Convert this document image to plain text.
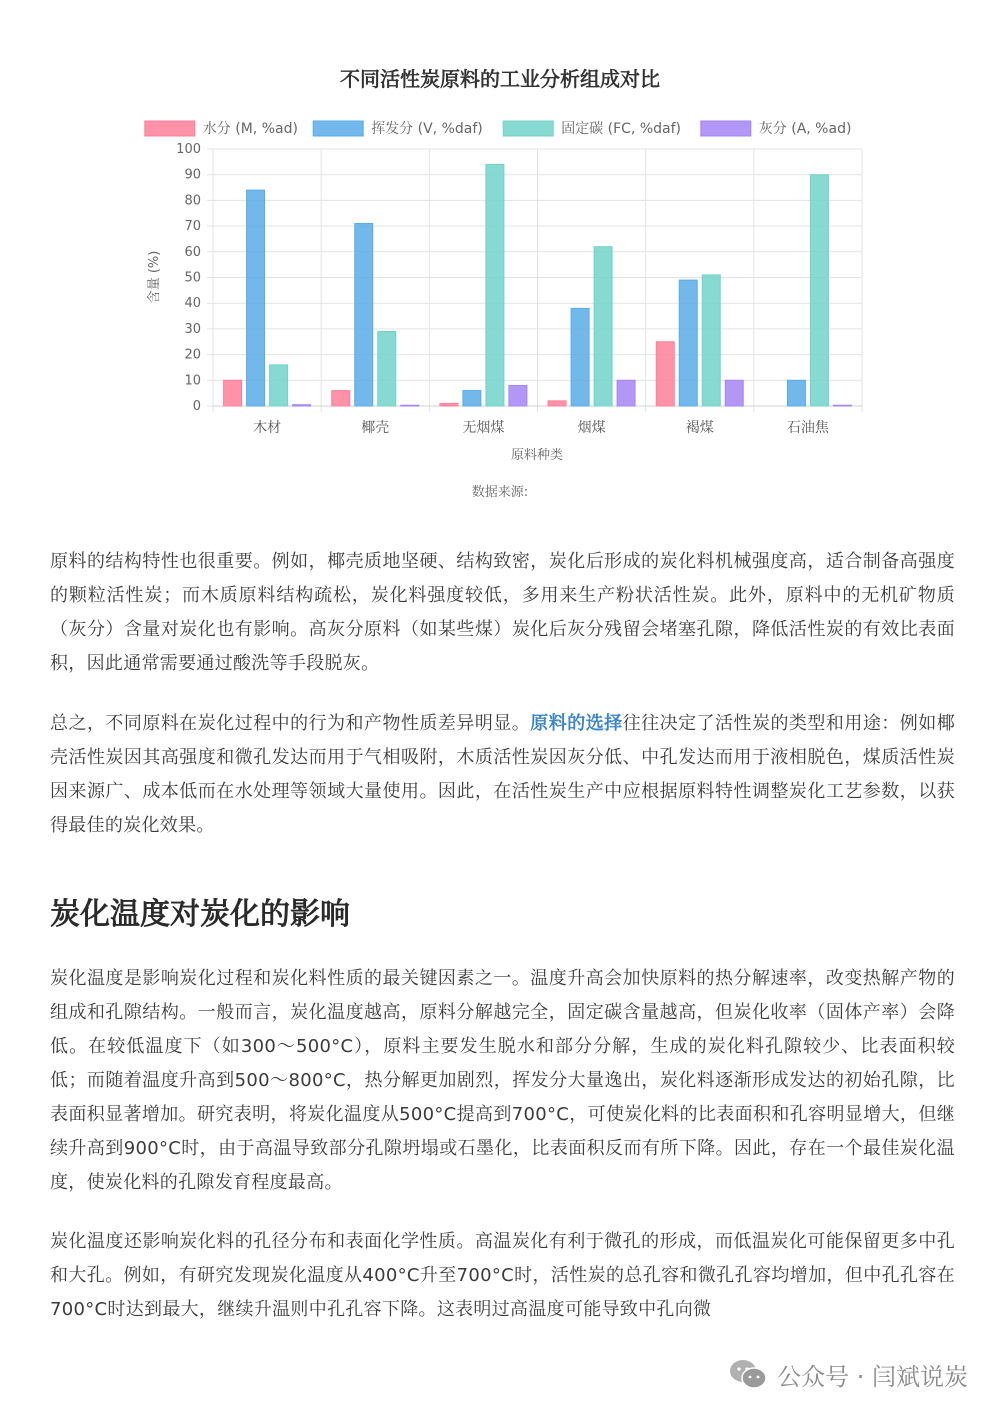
不同活性炭原料的工业分析组成对比
水分 (M, %ad)	挥发分 (V, %daf)	固定碳 (FC, %daf)	灰分 (A, %ad)
0
10
20
30
40
50
60
70
80
90
100
木材	椰壳	无烟煤	烟煤	褐煤	石油焦
含量 (%)
原料种类
数据来源:

原料的结构特性也很重要。例如，椰壳质地坚硬、结构致密，炭化后形成的炭化料机械强度高，适合制备高强度的颗粒活性炭；而木质原料结构疏松，炭化料强度较低，多用来生产粉状活性炭。此外，原料中的无机矿物质（灰分）含量对炭化也有影响。高灰分原料（如某些煤）炭化后灰分残留会堵塞孔隙，降低活性炭的有效比表面积，因此通常需要通过酸洗等手段脱灰。

总之，不同原料在炭化过程中的行为和产物性质差异明显。原料的选择往往决定了活性炭的类型和用途：例如椰壳活性炭因其高强度和微孔发达而用于气相吸附，木质活性炭因灰分低、中孔发达而用于液相脱色，煤质活性炭因来源广、成本低而在水处理等领域大量使用。因此，在活性炭生产中应根据原料特性调整炭化工艺参数，以获得最佳的炭化效果。

炭化温度对炭化的影响

炭化温度是影响炭化过程和炭化料性质的最关键因素之一。温度升高会加快原料的热分解速率，改变热解产物的组成和孔隙结构。一般而言，炭化温度越高，原料分解越完全，固定碳含量越高，但炭化收率（固体产率）会降低。在较低温度下（如300～500°C），原料主要发生脱水和部分分解，生成的炭化料孔隙较少、比表面积较低；而随着温度升高到500～800°C，热分解更加剧烈，挥发分大量逸出，炭化料逐渐形成发达的初始孔隙，比表面积显著增加。研究表明，将炭化温度从500°C提高到700°C，可使炭化料的比表面积和孔容明显增大，但继续升高到900°C时，由于高温导致部分孔隙坍塌或石墨化，比表面积反而有所下降。因此，存在一个最佳炭化温度，使炭化料的孔隙发育程度最高。

炭化温度还影响炭化料的孔径分布和表面化学性质。高温炭化有利于微孔的形成，而低温炭化可能保留更多中孔和大孔。例如，有研究发现炭化温度从400°C升至700°C时，活性炭的总孔容和微孔孔容均增加，但中孔孔容在700°C时达到最大，继续升温则中孔孔容下降。这表明过高温度可能导致中孔向微

公众号 · 闫斌说炭
